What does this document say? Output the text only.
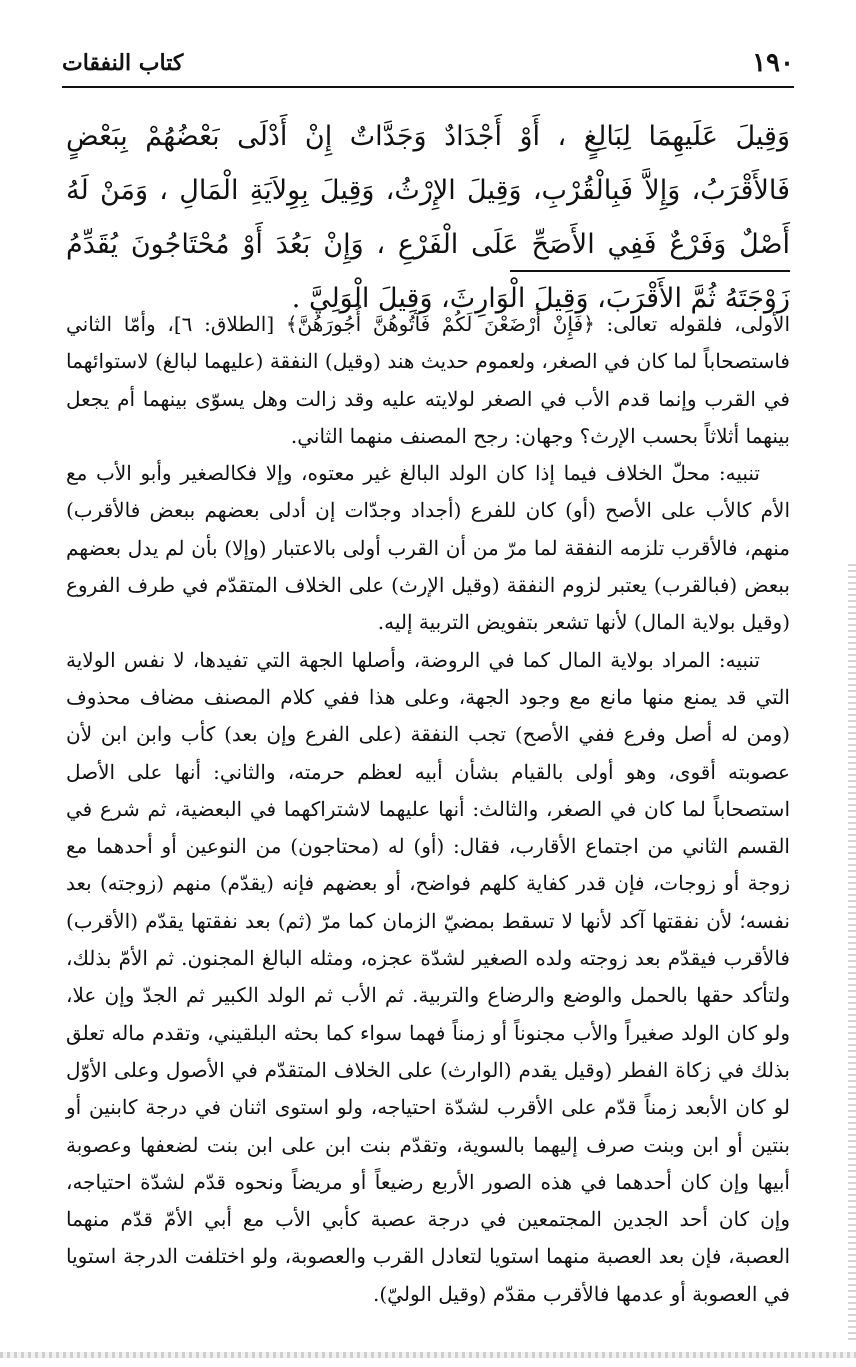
١٩٠
كتاب النفقات
وَقِيلَ عَلَيهِمَا لِبَالِغٍ ، أَوْ أَجْدَادٌ وَجَدَّاتٌ إِنْ أَدْلَى بَعْضُهُمْ بِبَعْضٍ فَالأَقْرَبُ، وَإِلاَّ فَبِالْقُرْبِ، وَقِيلَ الإِرْثُ، وَقِيلَ بِوِلاَيَةِ الْمَالِ ، وَمَنْ لَهُ أَصْلٌ وَفَرْعٌ فَفِي الأَصَحِّ عَلَى الْفَرْعِ ، وَإِنْ بَعُدَ أَوْ مُحْتَاجُونَ يُقَدِّمُ زَوْجَتَهُ ثُمَّ الأَقْرَبَ، وَقِيلَ الْوَارِثَ، وَقِيلَ الْوَلِيَّ .

الأولى، فلقوله تعالى: ﴿فَإِنْ أَرْضَعْنَ لَكُمْ فَآتُوهُنَّ أُجُورَهُنَّ﴾ [الطلاق: ٦]، وأمّا الثاني فاستصحاباً لما كان في الصغر، ولعموم حديث هند (وقيل) النفقة (عليهما لبالغ) لاستوائهما في القرب وإنما قدم الأب في الصغر لولايته عليه وقد زالت وهل يسوّى بينهما أم يجعل بينهما أثلاثاً بحسب الإرث؟ وجهان: رجح المصنف منهما الثاني.

تنبيه: محلّ الخلاف فيما إذا كان الولد البالغ غير معتوه، وإلا فكالصغير وأبو الأب مع الأم كالأب على الأصح (أو) كان للفرع (أجداد وجدّات إن أدلى بعضهم ببعض فالأقرب) منهم، فالأقرب تلزمه النفقة لما مرّ من أن القرب أولى بالاعتبار (وإلا) بأن لم يدل بعضهم ببعض (فبالقرب) يعتبر لزوم النفقة (وقيل الإرث) على الخلاف المتقدّم في طرف الفروع (وقيل بولاية المال) لأنها تشعر بتفويض التربية إليه.

تنبيه: المراد بولاية المال كما في الروضة، وأصلها الجهة التي تفيدها، لا نفس الولاية التي قد يمنع منها مانع مع وجود الجهة، وعلى هذا ففي كلام المصنف مضاف محذوف (ومن له أصل وفرع ففي الأصح) تجب النفقة (على الفرع وإن بعد) كأب وابن ابن لأن عصوبته أقوى، وهو أولى بالقيام بشأن أبيه لعظم حرمته، والثاني: أنها على الأصل استصحاباً لما كان في الصغر، والثالث: أنها عليهما لاشتراكهما في البعضية، ثم شرع في القسم الثاني من اجتماع الأقارب، فقال: (أو) له (محتاجون) من النوعين أو أحدهما مع زوجة أو زوجات، فإن قدر كفاية كلهم فواضح، أو بعضهم فإنه (يقدّم) منهم (زوجته) بعد نفسه؛ لأن نفقتها آكد لأنها لا تسقط بمضيّ الزمان كما مرّ (ثم) بعد نفقتها يقدّم (الأقرب) فالأقرب فيقدّم بعد زوجته ولده الصغير لشدّة عجزه، ومثله البالغ المجنون. ثم الأمّ بذلك، ولتأكد حقها بالحمل والوضع والرضاع والتربية. ثم الأب ثم الولد الكبير ثم الجدّ وإن علا، ولو كان الولد صغيراً والأب مجنوناً أو زمناً فهما سواء كما بحثه البلقيني، وتقدم ماله تعلق بذلك في زكاة الفطر (وقيل يقدم (الوارث) على الخلاف المتقدّم في الأصول وعلى الأوّل لو كان الأبعد زمناً قدّم على الأقرب لشدّة احتياجه، ولو استوى اثنان في درجة كابنين أو بنتين أو ابن وبنت صرف إليهما بالسوية، وتقدّم بنت ابن على ابن بنت لضعفها وعصوبة أبيها وإن كان أحدهما في هذه الصور الأربع رضيعاً أو مريضاً ونحوه قدّم لشدّة احتياجه، وإن كان أحد الجدين المجتمعين في درجة عصبة كأبي الأب مع أبي الأمّ قدّم منهما العصبة، فإن بعد العصبة منهما استويا لتعادل القرب والعصوبة، ولو اختلفت الدرجة استويا في العصوبة أو عدمها فالأقرب مقدّم (وقيل الوليّ).
